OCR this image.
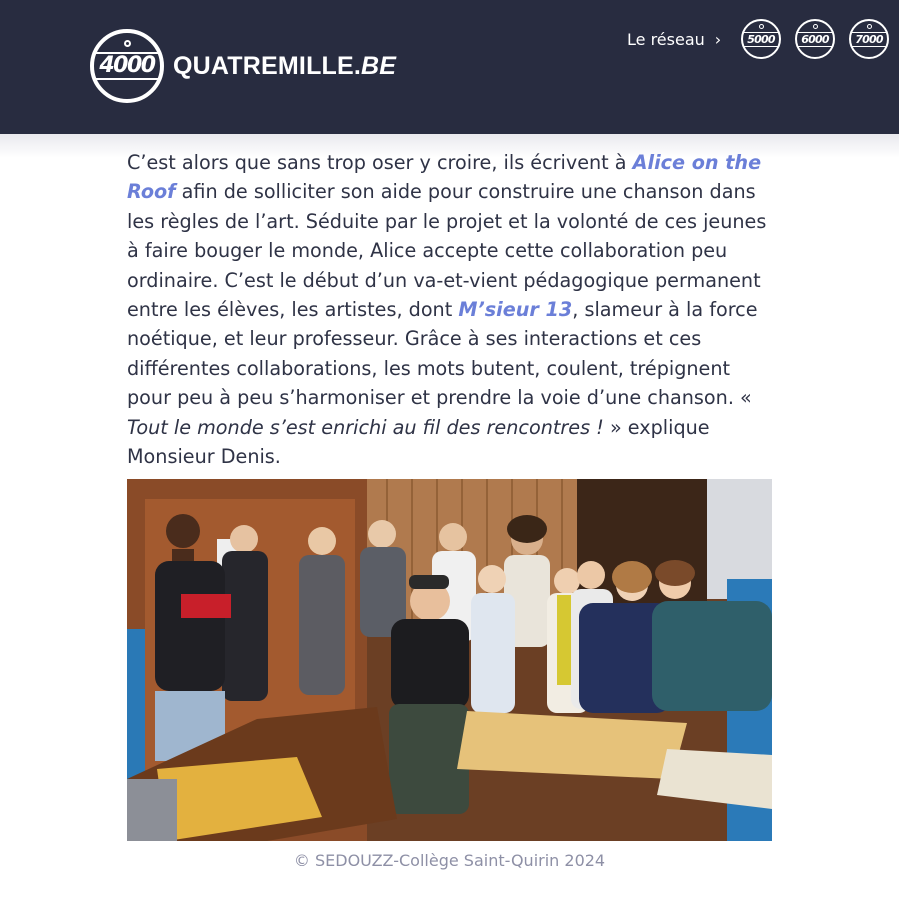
4000 QUATREMILLE.BE
Le réseau ›	5000	6000	7000

C’est alors que sans trop oser y croire, ils écrivent à Alice on the Roof afin de solliciter son aide pour construire une chanson dans les règles de l’art. Séduite par le projet et la volonté de ces jeunes à faire bouger le monde, Alice accepte cette collaboration peu ordinaire. C’est le début d’un va-et-vient pédagogique permanent entre les élèves, les artistes, dont M’sieur 13, slameur à la force noétique, et leur professeur. Grâce à ses interactions et ces différentes collaborations, les mots butent, coulent, trépignent pour peu à peu s’harmoniser et prendre la voie d’une chanson. « Tout le monde s’est enrichi au fil des rencontres ! » explique Monsieur Denis.

© SEDOUZZ-Collège Saint-Quirin 2024
